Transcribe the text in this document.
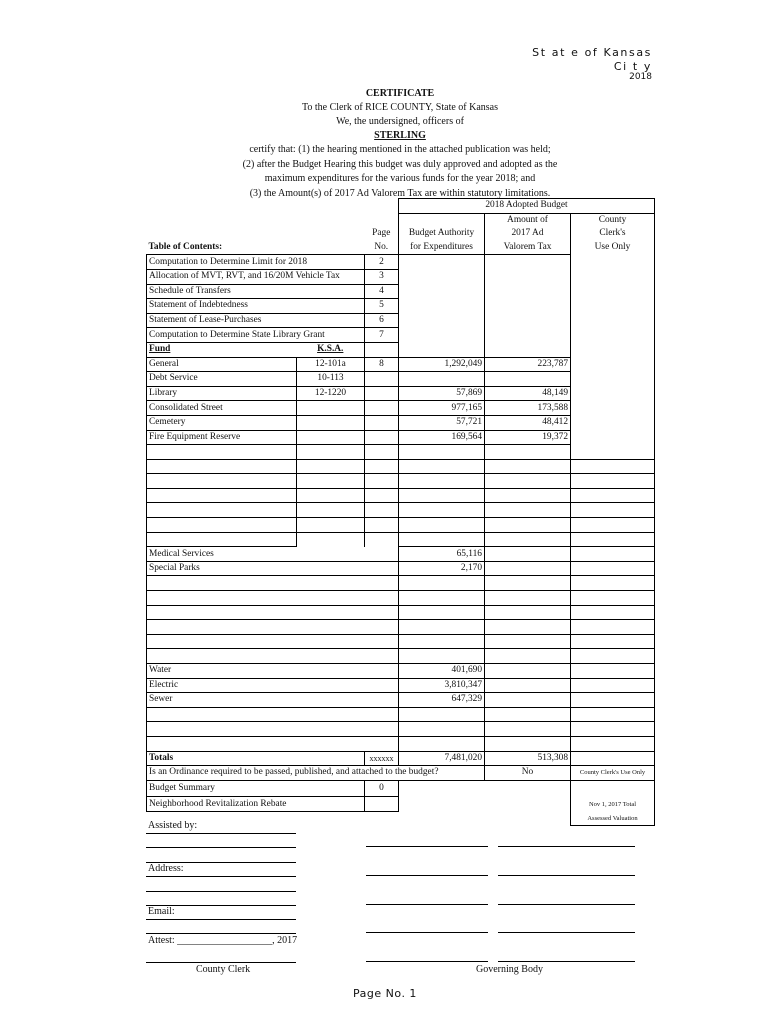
St at e of Kansas
Ci t y
2018
CERTIFICATE
To the Clerk of RICE COUNTY, State of Kansas
We, the undersigned, officers of
STERLING
certify that: (1) the hearing mentioned in the attached publication was held;
(2) after the Budget Hearing this budget was duly approved and adopted as the
maximum expenditures for the various funds for the year 2018; and
(3) the Amount(s) of 2017 Ad Valorem Tax are within statutory limitations.
			2018 Adopted Budget		
				Amount of	County
		Page	Budget Authority	2017 Ad	Clerk's
Table of Contents:		No.	for Expenditures	Valorem Tax	Use Only
Computation to Determine Limit for 2018		2			
Allocation of MVT, RVT, and 16/20M Vehicle Tax		3			
Schedule of Transfers		4			
Statement of Indebtedness		5			
Statement of Lease-Purchases		6			
Computation to Determine State Library Grant		7			
Fund	K.S.A.				
General	12-101a	8	1,292,049	223,787	
Debt Service	10-113				
Library	12-1220		57,869	48,149	
Consolidated Street			977,165	173,588	
Cemetery			57,721	48,412	
Fire Equipment Reserve			169,564	19,372	

Medical Services			65,116		
Special Parks			2,170		

Water			401,690		
Electric			3,810,347		
Sewer			647,329		

Totals		xxxxxx	7,481,020	513,308	
Is an Ordinance required to be passed, published, and attached to the budget?				No	County Clerk's Use Only
Budget Summary		0			
Neighborhood Revitalization Rebate					Nov 1, 2017 Total
					Assessed Valuation
Assisted by:
Address:
Email:
Attest: ___________________, 2017
County Clerk	Governing Body
Page No. 1
